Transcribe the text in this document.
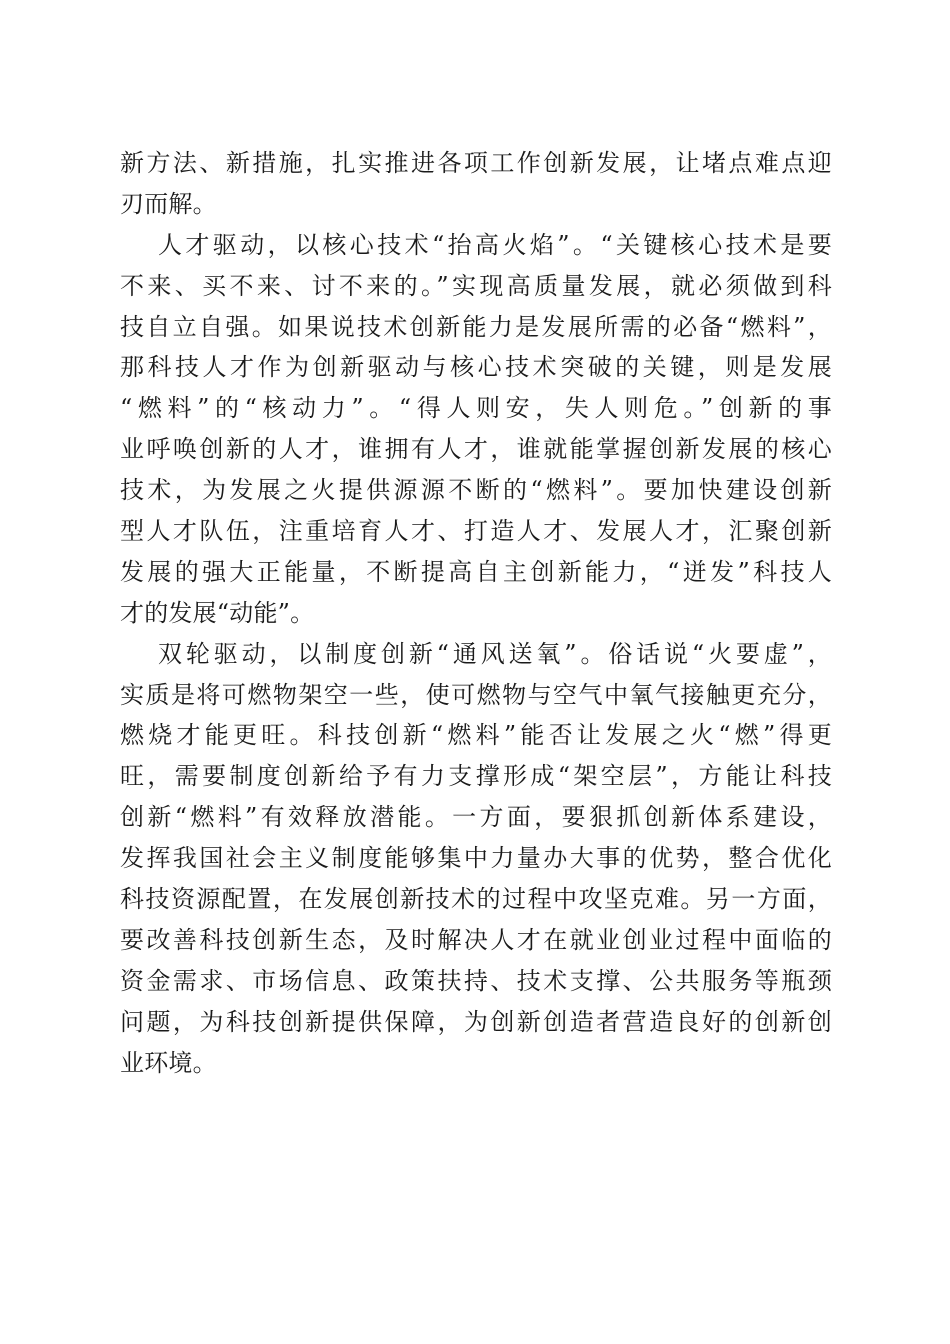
新方法、新措施，扎实推进各项工作创新发展，让堵点难点迎
刃而解。
人才驱动，以核心技术“抬高火焰”。“关键核心技术是要
不来、买不来、讨不来的。”实现高质量发展，就必须做到科
技自立自强。如果说技术创新能力是发展所需的必备“燃料”，
那科技人才作为创新驱动与核心技术突破的关键，则是发展
“燃料”的“核动力”。“得人则安，失人则危。”创新的事
业呼唤创新的人才，谁拥有人才，谁就能掌握创新发展的核心
技术，为发展之火提供源源不断的“燃料”。要加快建设创新
型人才队伍，注重培育人才、打造人才、发展人才，汇聚创新
发展的强大正能量，不断提高自主创新能力，“迸发”科技人
才的发展“动能”。
双轮驱动，以制度创新“通风送氧”。俗话说“火要虚”，
实质是将可燃物架空一些，使可燃物与空气中氧气接触更充分，
燃烧才能更旺。科技创新“燃料”能否让发展之火“燃”得更
旺，需要制度创新给予有力支撑形成“架空层”，方能让科技
创新“燃料”有效释放潜能。一方面，要狠抓创新体系建设，
发挥我国社会主义制度能够集中力量办大事的优势，整合优化
科技资源配置，在发展创新技术的过程中攻坚克难。另一方面，
要改善科技创新生态，及时解决人才在就业创业过程中面临的
资金需求、市场信息、政策扶持、技术支撑、公共服务等瓶颈
问题，为科技创新提供保障，为创新创造者营造良好的创新创
业环境。
